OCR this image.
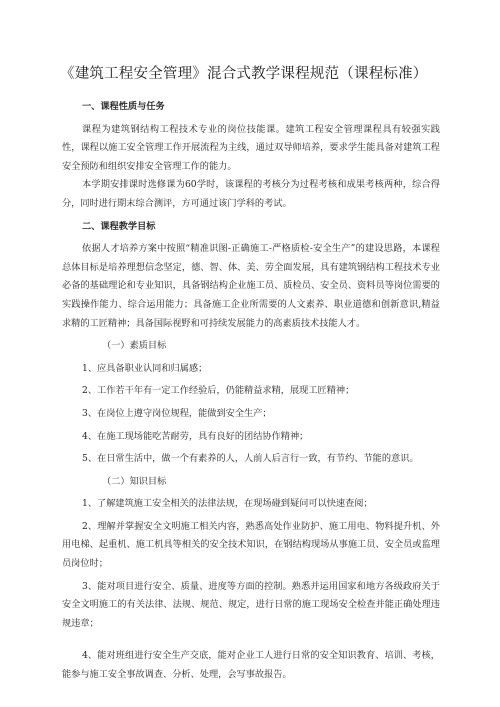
《建筑工程安全管理》混合式教学课程规范（课程标准）

一、课程性质与任务

课程为建筑钢结构工程技术专业的岗位技能课。建筑工程安全管理课程具有较强实践性，课程以施工安全管理工作开展流程为主线，通过双导师培养，要求学生能具备对建筑工程安全预防和组织安排安全管理工作的能力。

本学期安排课时选修课为60学时，该课程的考核分为过程考核和成果考核两种，综合得分，同时进行期末综合测评，方可通过该门学科的考试。

二、课程教学目标

依据人才培养方案中按照“精准识图-正确施工-严格质检-安全生产”的建设思路，本课程总体目标是培养理想信念坚定，德、智、体、美、劳全面发展，具有建筑钢结构工程技术专业必备的基础理论和专业知识，具备钢结构企业施工员、质检员、安全员、资料员等岗位需要的实践操作能力、综合运用能力；具备施工企业所需要的人文素养、职业道德和创新意识,精益求精的工匠精神；具备国际视野和可持续发展能力的高素质技术技能人才。

（一）素质目标

1、应具备职业认同和归属感；

2、工作若干年有一定工作经验后，仍能精益求精，展现工匠精神；

3、在岗位上遵守岗位规程，能做到安全生产；

4、在施工现场能吃苦耐劳，具有良好的团结协作精神；

5、在日常生活中，做一个有素养的人，人前人后言行一致，有节约、节能的意识。

（二）知识目标

1、了解建筑施工安全相关的法律法规，在现场碰到疑问可以快速查阅；

2、理解并掌握安全文明施工相关内容，熟悉高处作业防护、施工用电、物料提升机、外用电梯、起重机、施工机具等相关的安全技术知识，在钢结构现场从事施工员、安全员或监理员岗位时；

3、能对项目进行安全、质量、进度等方面的控制。熟悉并运用国家和地方各级政府关于安全文明施工的有关法律、法规、规范、规定，进行日常的施工现场安全检查并能正确处理违规违章；

4、能对班组进行安全生产交底，能对企业工人进行日常的安全知识教育、培训、考核，能参与施工安全事故调查、分析、处理，会写事故报告。
